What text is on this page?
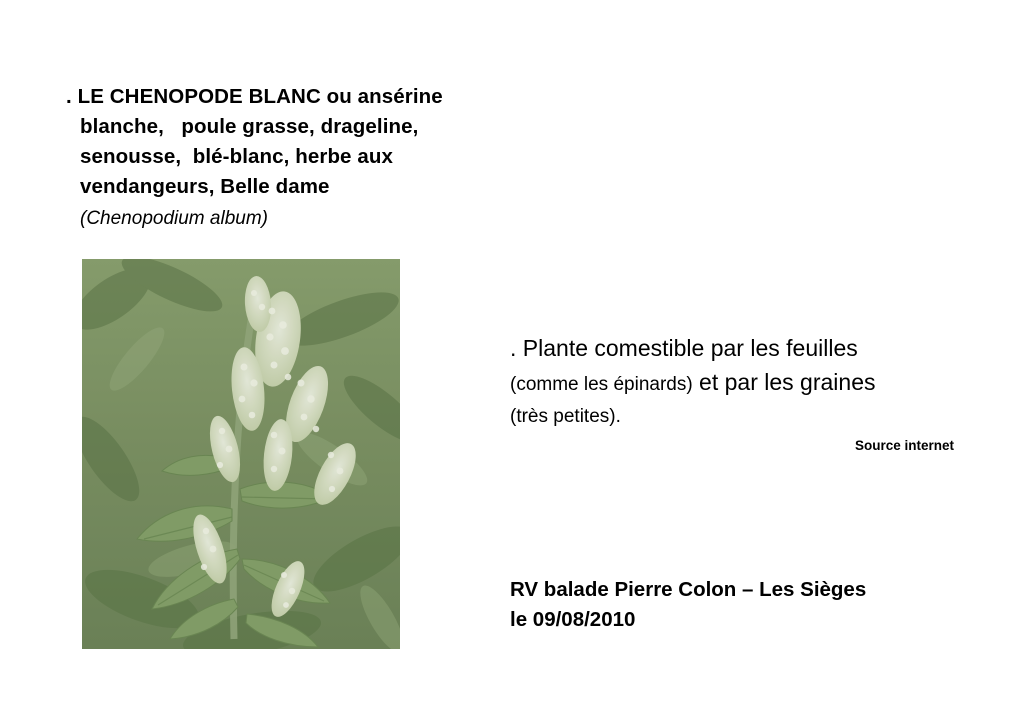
. LE CHENOPODE BLANC ou ansérine
blanche,   poule grasse, drageline,
senousse,  blé-blanc, herbe aux
vendangeurs, Belle dame
(Chenopodium album)
. Plante comestible par les feuilles
(comme les épinards) et par les graines
(très petites).
Source internet
RV balade Pierre Colon – Les Sièges
le 09/08/2010
